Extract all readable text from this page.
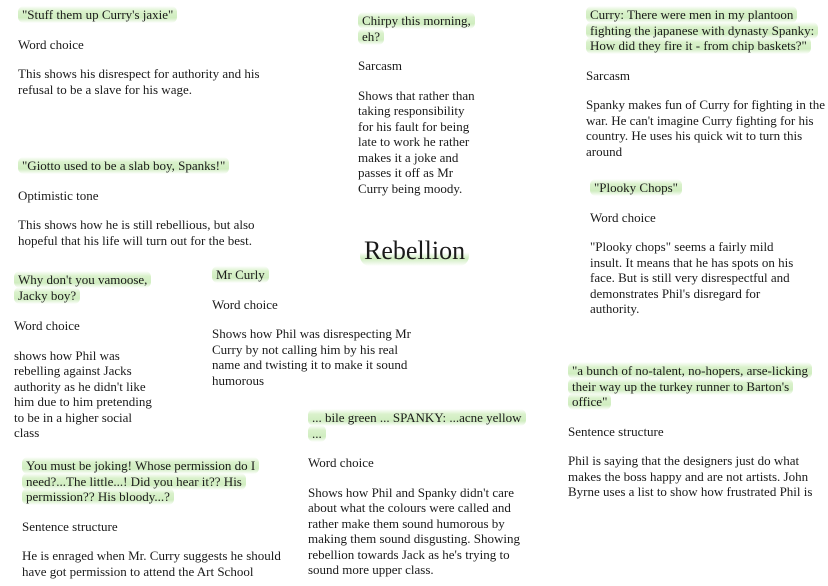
Rebellion

"Stuff them up Curry's jaxie"

Word choice

This shows his disrespect for authority and his refusal to be a slave for his wage.

Chirpy this morning, eh?

Sarcasm

Shows that rather than taking responsibility for his fault for being late to work he rather makes it a joke and passes it off as Mr Curry being moody.

Curry: There were men in my plantoon fighting the japanese with dynasty Spanky: How did they fire it - from chip baskets?"

Sarcasm

Spanky makes fun of Curry for fighting in the war. He can't imagine Curry fighting for his country. He uses his quick wit to turn this around

"Giotto used to be a slab boy, Spanks!"

Optimistic tone

This shows how he is still rebellious, but also hopeful that his life will turn out for the best.

"Plooky Chops"

Word choice

"Plooky chops" seems a fairly mild insult. It means that he has spots on his face. But is still very disrespectful and demonstrates Phil's disregard for authority.

Why don't you vamoose, Jacky boy?

Word choice

shows how Phil was rebelling against Jacks authority as he didn't like him due to him pretending to be in a higher social class

Mr Curly

Word choice

Shows how Phil was disrespecting Mr Curry by not calling him by his real name and twisting it to make it sound humorous

"a bunch of no-talent, no-hopers, arse-licking their way up the turkey runner to Barton's office"

Sentence structure

Phil is saying that the designers just do what makes the boss happy and are not artists. John Byrne uses a list to show how frustrated Phil is

... bile green ... SPANKY: ...acne yellow ...

Word choice

Shows how Phil and Spanky didn't care about what the colours were called and rather make them sound humorous by making them sound disgusting. Showing rebellion towards Jack as he's trying to sound more upper class.

You must be joking! Whose permission do I need?...The little...! Did you hear it?? His permission?? His bloody...?

Sentence structure

He is enraged when Mr. Curry suggests he should have got permission to attend the Art School
